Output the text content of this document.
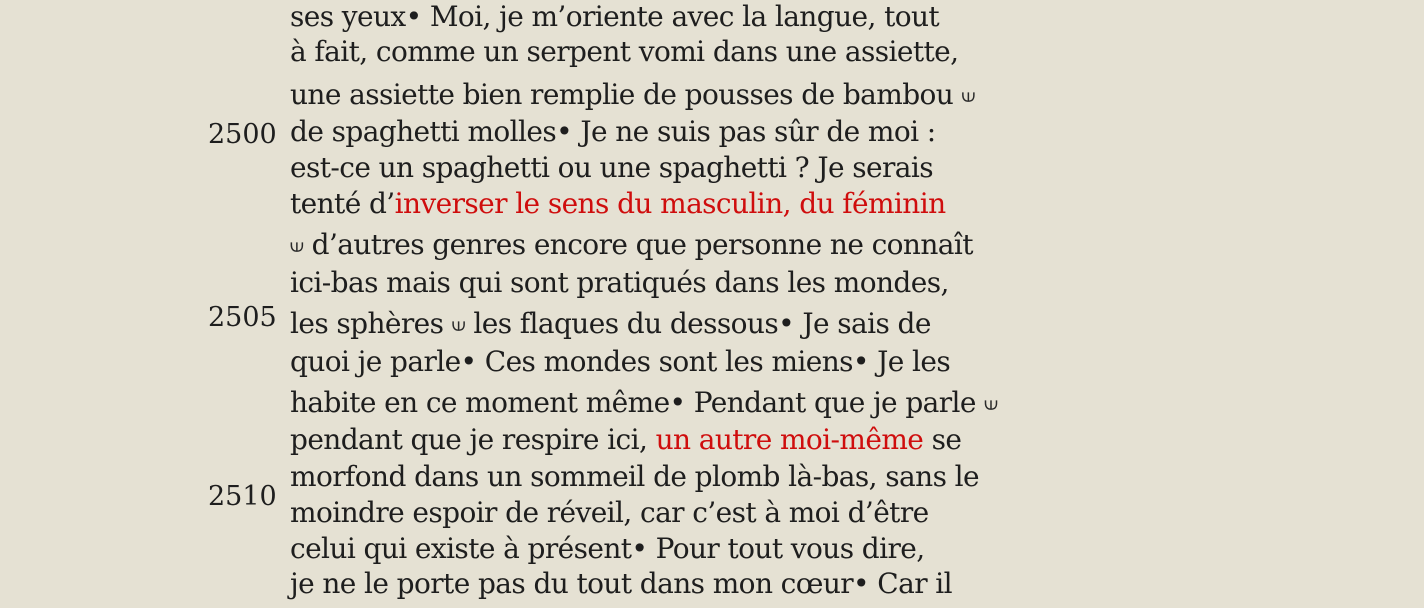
2500
2505
2510
ses yeux• Moi, je m’oriente avec la langue, tout
à fait, comme un serpent vomi dans une assiette,
une assiette bien remplie de pousses de bambou ⟒
de spaghetti molles• Je ne suis pas sûr de moi :
est-ce un spaghetti ou une spaghetti ? Je serais
tenté d’inverser le sens du masculin, du féminin
⟒ d’autres genres encore que personne ne connaît
ici-bas mais qui sont pratiqués dans les mondes,
les sphères ⟒ les flaques du dessous• Je sais de
quoi je parle• Ces mondes sont les miens• Je les
habite en ce moment même• Pendant que je parle ⟒
pendant que je respire ici, un autre moi-même se
morfond dans un sommeil de plomb là-bas, sans le
moindre espoir de réveil, car c’est à moi d’être
celui qui existe à présent• Pour tout vous dire,
je ne le porte pas du tout dans mon cœur• Car il
